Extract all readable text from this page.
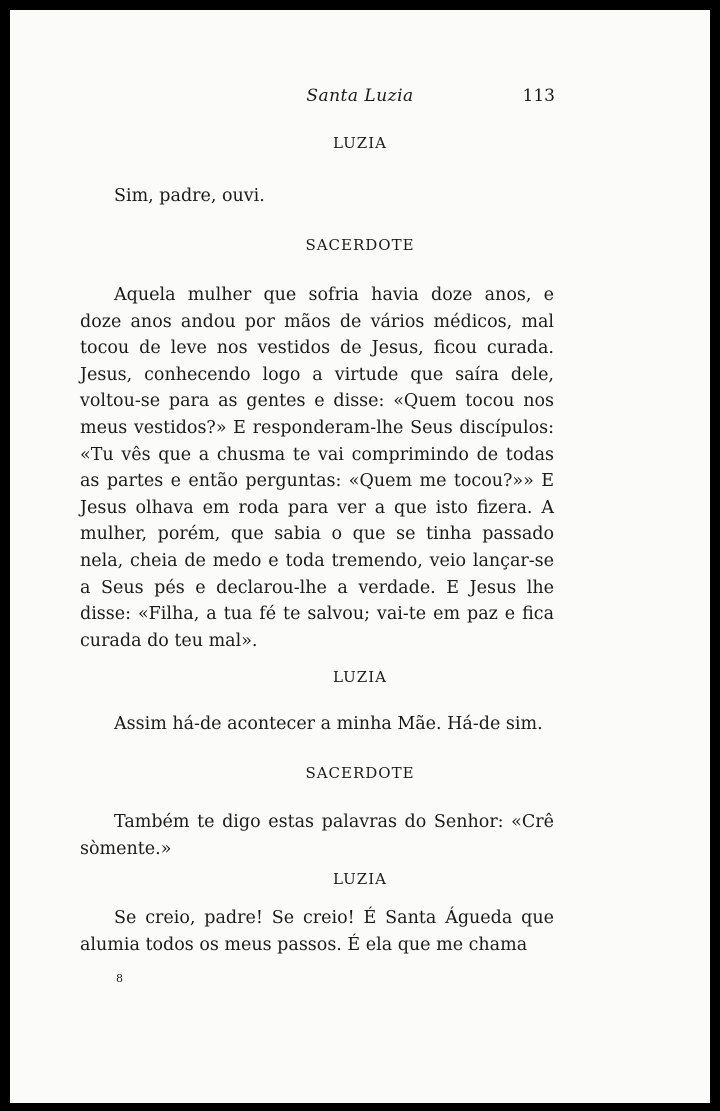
Santa Luzia	113
LUZIA

Sim, padre, ouvi.

SACERDOTE

Aquela mulher que sofria havia doze anos, e doze anos andou por mãos de vários médicos, mal tocou de leve nos vestidos de Jesus, ficou curada. Jesus, conhecendo logo a virtude que saíra dele, voltou-se para as gentes e disse: «Quem tocou nos meus vestidos?» E responderam-lhe Seus discípulos: «Tu vês que a chusma te vai comprimindo de todas as partes e então perguntas: «Quem me tocou?»» E Jesus olhava em roda para ver a que isto fizera. A mulher, porém, que sabia o que se tinha passado nela, cheia de medo e toda tremendo, veio lançar-se a Seus pés e declarou-lhe a verdade. E Jesus lhe disse: «Filha, a tua fé te salvou; vai-te em paz e fica curada do teu mal».

LUZIA

Assim há-de acontecer a minha Mãe. Há-de sim.

SACERDOTE

Também te digo estas palavras do Senhor: «Crê sòmente.»

LUZIA

Se creio, padre! Se creio! É Santa Águeda que alumia todos os meus passos. É ela que me chama

8
